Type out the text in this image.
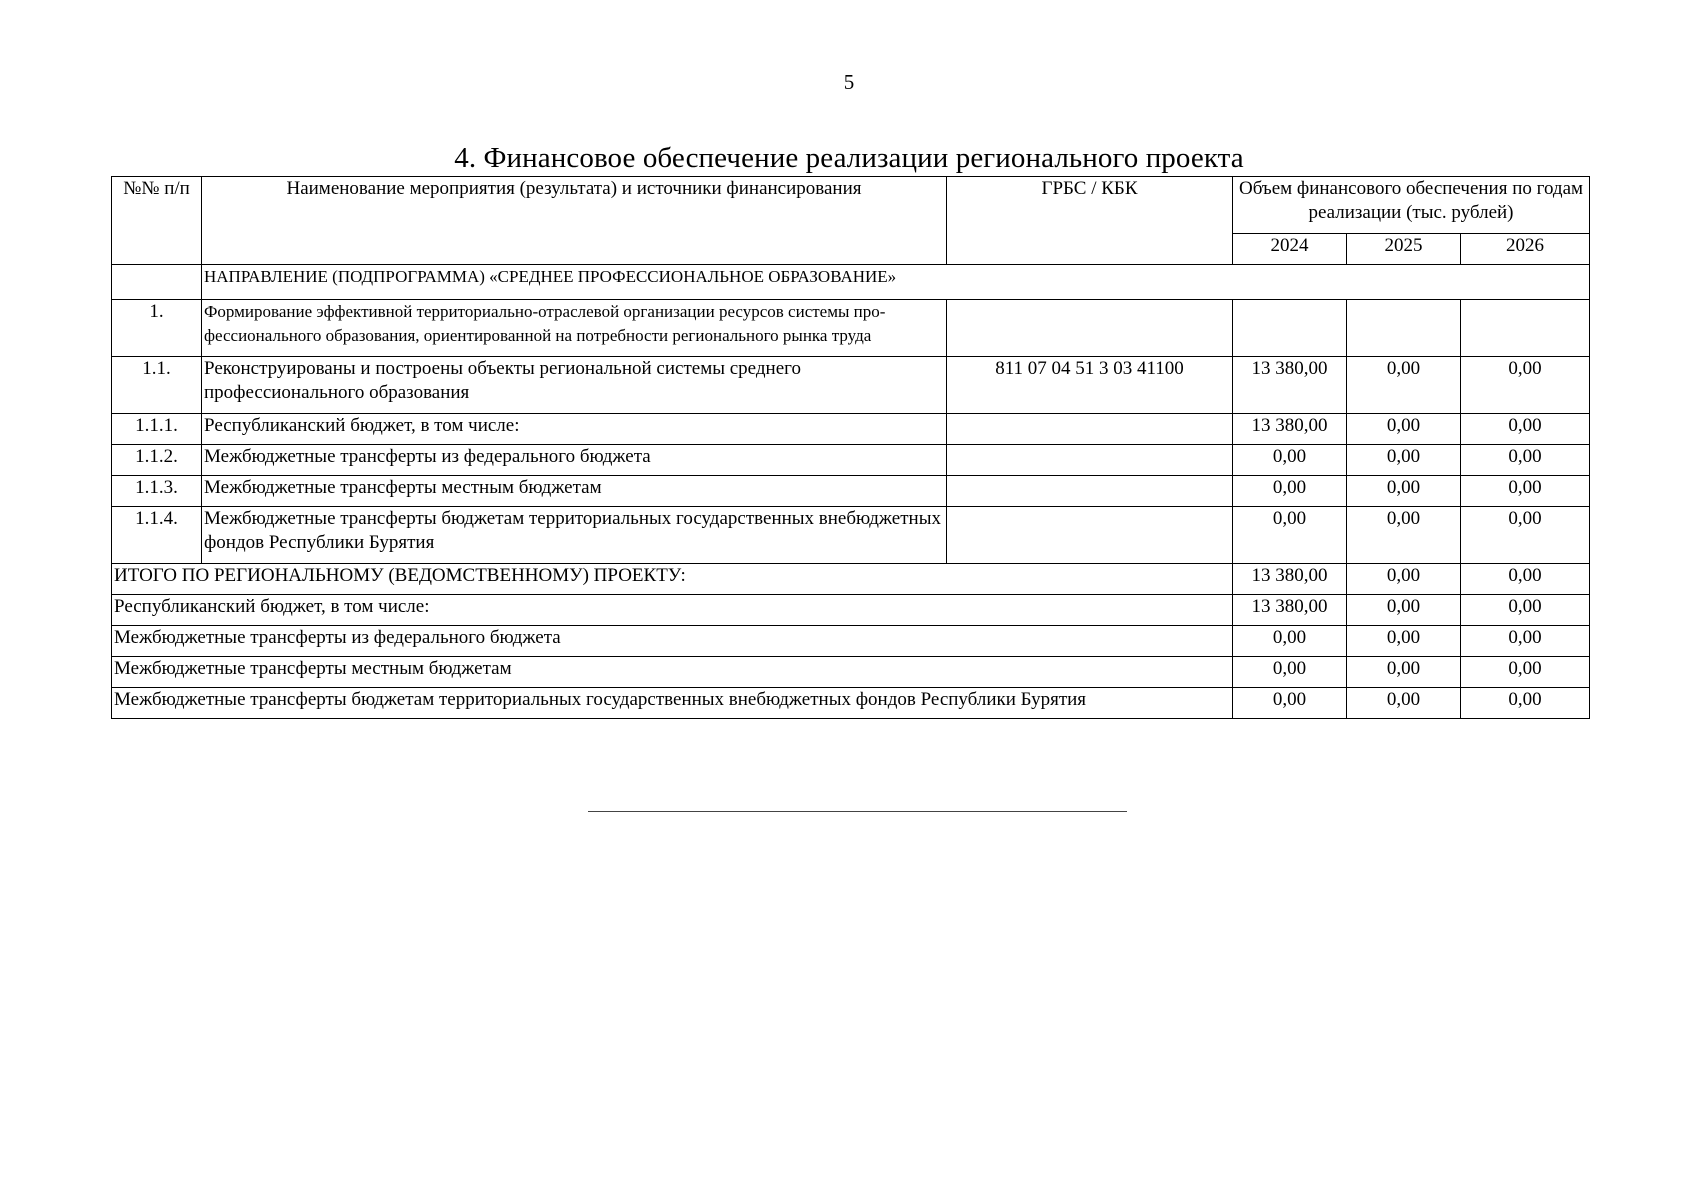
5
4. Финансовое обеспечение реализации регионального проекта
№№ п/п	Наименование мероприятия (результата) и источники финансирования	ГРБС / КБК	Объем финансового обеспечения по годам реализации (тыс. рублей)		
			2024	2025	2026
	НАПРАВЛЕНИЕ (ПОДПРОГРАММА) «СРЕДНЕЕ ПРОФЕССИОНАЛЬНОЕ ОБРАЗОВАНИЕ»				
1.	Формирование эффективной территориально-отраслевой организации ресурсов системы про-фессионального образования, ориентированной на потребности регионального рынка труда				
1.1.	Реконструированы и построены объекты региональной системы среднего профессионального образования	811 07 04 51 3 03 41100	13 380,00	0,00	0,00
1.1.1.	Республиканский бюджет, в том числе:		13 380,00	0,00	0,00
1.1.2.	Межбюджетные трансферты из федерального бюджета		0,00	0,00	0,00
1.1.3.	Межбюджетные трансферты местным бюджетам		0,00	0,00	0,00
1.1.4.	Межбюджетные трансферты бюджетам территориальных государственных внебюджетных фондов Республики Бурятия		0,00	0,00	0,00
ИТОГО ПО РЕГИОНАЛЬНОМУ (ВЕДОМСТВЕННОМУ) ПРОЕКТУ:			13 380,00	0,00	0,00
Республиканский бюджет, в том числе:			13 380,00	0,00	0,00
Межбюджетные трансферты из федерального бюджета			0,00	0,00	0,00
Межбюджетные трансферты местным бюджетам			0,00	0,00	0,00
Межбюджетные трансферты бюджетам территориальных государственных внебюджетных фондов Республики Бурятия			0,00	0,00	0,00
